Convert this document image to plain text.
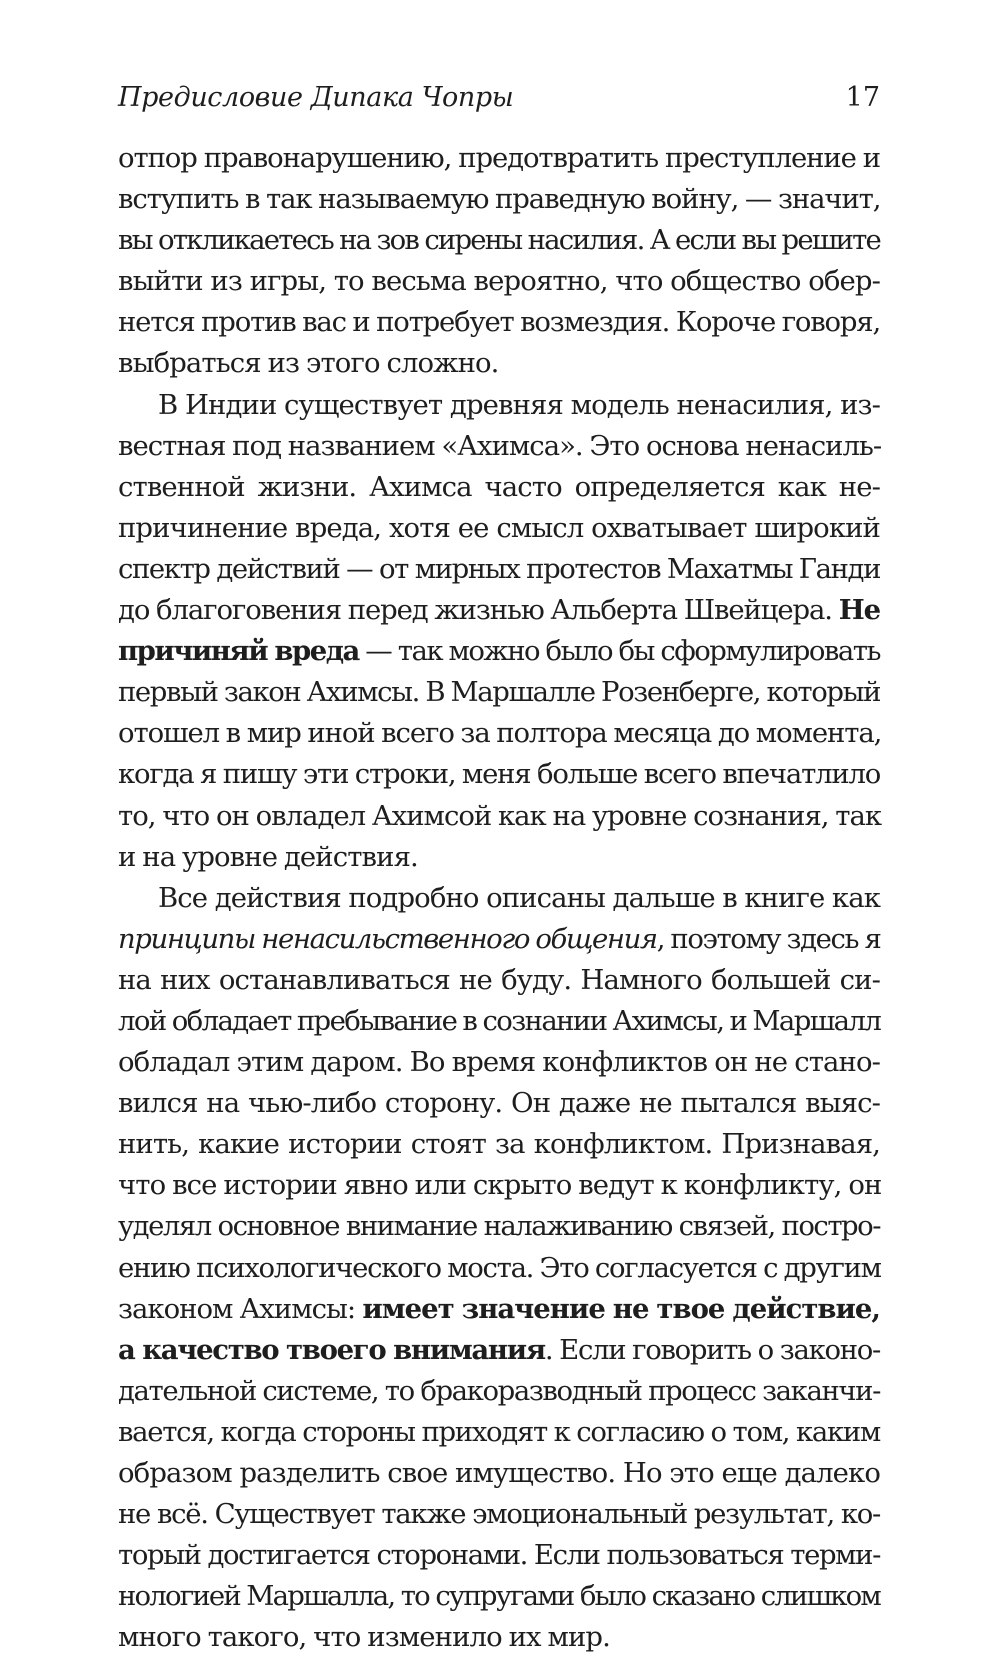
Предисловие Дипака Чопры	17
отпор правонарушению, предотвратить преступление и
вступить в так называемую праведную войну, — значит,
вы откликаетесь на зов сирены насилия. А если вы решите
выйти из игры, то весьма вероятно, что общество обер-
нется против вас и потребует возмездия. Короче говоря,
выбраться из этого сложно.
В Индии существует древняя модель ненасилия, из-
вестная под названием «Ахимса». Это основа ненасиль-
ственной жизни. Ахимса часто определяется как не-
причинение вреда, хотя ее смысл охватывает широкий
спектр действий — от мирных протестов Махатмы Ганди
до благоговения перед жизнью Альберта Швейцера. Не
причиняй вреда — так можно было бы сформулировать
первый закон Ахимсы. В Маршалле Розенберге, который
отошел в мир иной всего за полтора месяца до момента,
когда я пишу эти строки, меня больше всего впечатлило
то, что он овладел Ахимсой как на уровне сознания, так
и на уровне действия.
Все действия подробно описаны дальше в книге как
принципы ненасильственного общения, поэтому здесь я
на них останавливаться не буду. Намного большей си-
лой обладает пребывание в сознании Ахимсы, и Маршалл
обладал этим даром. Во время конфликтов он не стано-
вился на чью-либо сторону. Он даже не пытался выяс-
нить, какие истории стоят за конфликтом. Признавая,
что все истории явно или скрыто ведут к конфликту, он
уделял основное внимание налаживанию связей, постро-
ению психологического моста. Это согласуется с другим
законом Ахимсы: имеет значение не твое действие,
а качество твоего внимания. Если говорить о законо-
дательной системе, то бракоразводный процесс заканчи-
вается, когда стороны приходят к согласию о том, каким
образом разделить свое имущество. Но это еще далеко
не всё. Существует также эмоциональный результат, ко-
торый достигается сторонами. Если пользоваться терми-
нологией Маршалла, то супругами было сказано слишком
много такого, что изменило их мир.
